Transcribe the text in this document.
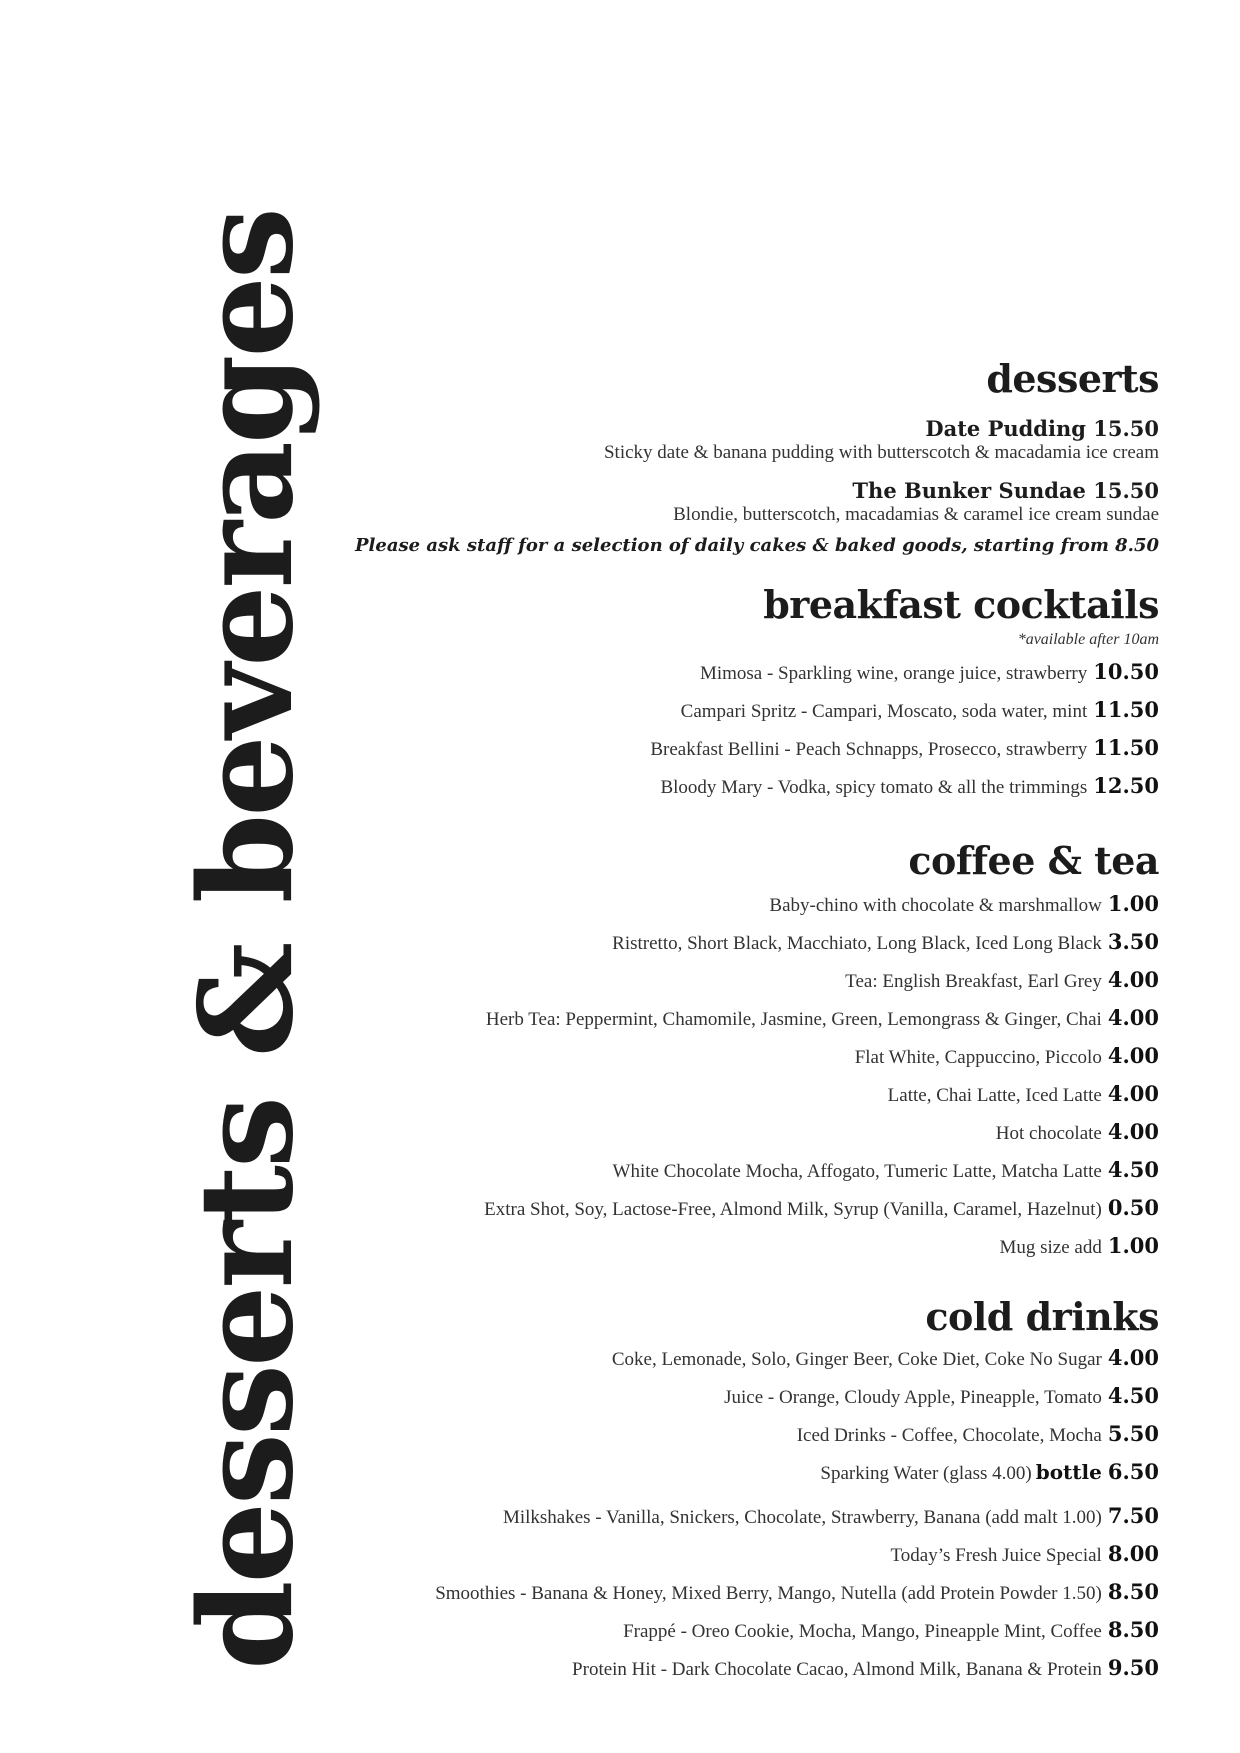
desserts & beverages	desserts
Date Pudding 15.50
Sticky date & banana pudding with butterscotch & macadamia ice cream
The Bunker Sundae 15.50
Blondie, butterscotch, macadamias & caramel ice cream sundae
Please ask staff for a selection of daily cakes & baked goods, starting from 8.50
breakfast cocktails
*available after 10am
Mimosa - Sparkling wine, orange juice, strawberry 10.50
Campari Spritz - Campari, Moscato, soda water, mint 11.50
Breakfast Bellini - Peach Schnapps, Prosecco, strawberry 11.50
Bloody Mary - Vodka, spicy tomato & all the trimmings 12.50
coffee & tea
Baby-chino with chocolate & marshmallow 1.00
Ristretto, Short Black, Macchiato, Long Black, Iced Long Black 3.50
Tea: English Breakfast, Earl Grey 4.00
Herb Tea: Peppermint, Chamomile, Jasmine, Green, Lemongrass & Ginger, Chai 4.00
Flat White, Cappuccino, Piccolo 4.00
Latte, Chai Latte, Iced Latte 4.00
Hot chocolate 4.00
White Chocolate Mocha, Affogato, Tumeric Latte, Matcha Latte 4.50
Extra Shot, Soy, Lactose-Free, Almond Milk, Syrup (Vanilla, Caramel, Hazelnut) 0.50
Mug size add 1.00
cold drinks
Coke, Lemonade, Solo, Ginger Beer, Coke Diet, Coke No Sugar 4.00
Juice - Orange, Cloudy Apple, Pineapple, Tomato 4.50
Iced Drinks - Coffee, Chocolate, Mocha 5.50
Sparking Water (glass 4.00) bottle 6.50
Milkshakes - Vanilla, Snickers, Chocolate, Strawberry, Banana (add malt 1.00) 7.50
Today’s Fresh Juice Special 8.00
Smoothies - Banana & Honey, Mixed Berry, Mango, Nutella (add Protein Powder 1.50) 8.50
Frappé - Oreo Cookie, Mocha, Mango, Pineapple Mint, Coffee 8.50
Protein Hit - Dark Chocolate Cacao, Almond Milk, Banana & Protein 9.50
